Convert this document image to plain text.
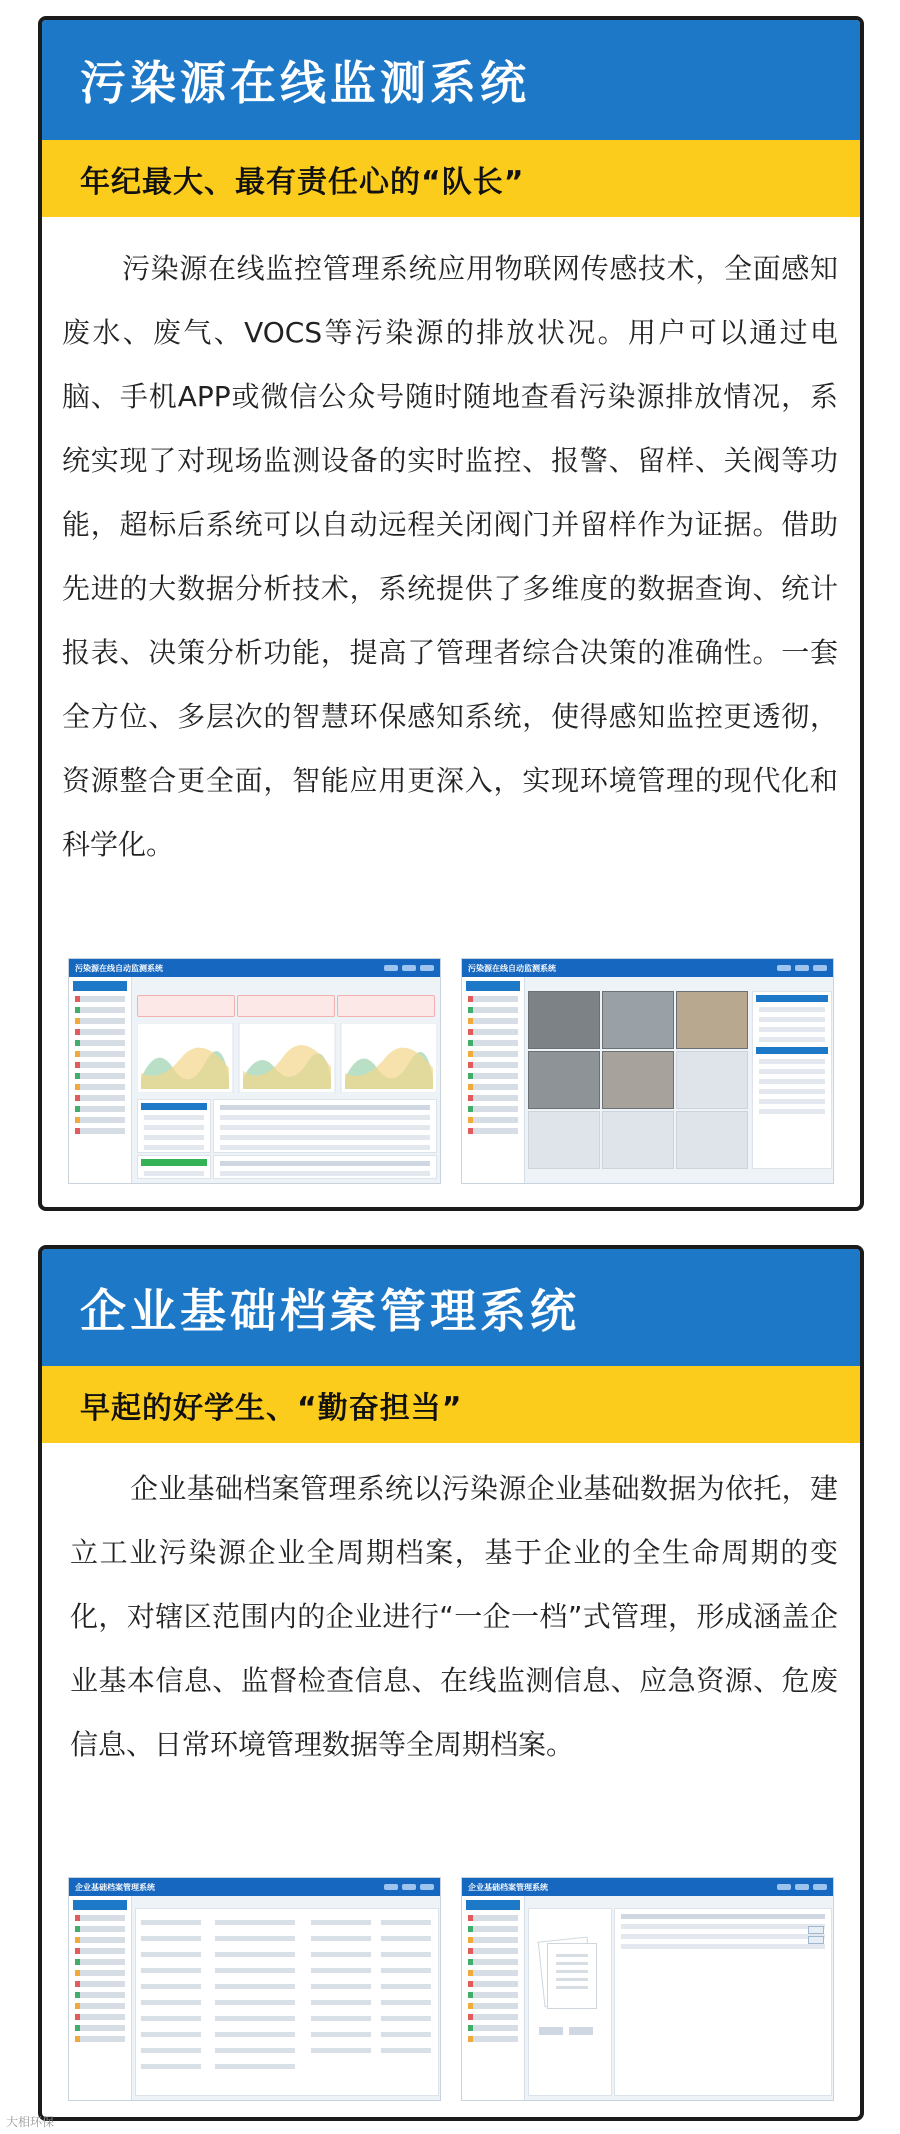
污染源在线监测系统
年纪最大、最有责任心的“队长”
污染源在线监控管理系统应用物联网传感技术，全面感知废水、废气、VOCS等污染源的排放状况。用户可以通过电脑、手机APP或微信公众号随时随地查看污染源排放情况，系统实现了对现场监测设备的实时监控、报警、留样、关阀等功能，超标后系统可以自动远程关闭阀门并留样作为证据。借助先进的大数据分析技术，系统提供了多维度的数据查询、统计报表、决策分析功能，提高了管理者综合决策的准确性。一套全方位、多层次的智慧环保感知系统，使得感知监控更透彻，资源整合更全面，智能应用更深入，实现环境管理的现代化和科学化。
污染源在线自动监测系统	污染源在线自动监测系统
企业基础档案管理系统
早起的好学生、“勤奋担当”
企业基础档案管理系统以污染源企业基础数据为依托，建立工业污染源企业全周期档案，基于企业的全生命周期的变化，对辖区范围内的企业进行“一企一档”式管理，形成涵盖企业基本信息、监督检查信息、在线监测信息、应急资源、危废信息、日常环境管理数据等全周期档案。
企业基础档案管理系统	企业基础档案管理系统
大相环保
